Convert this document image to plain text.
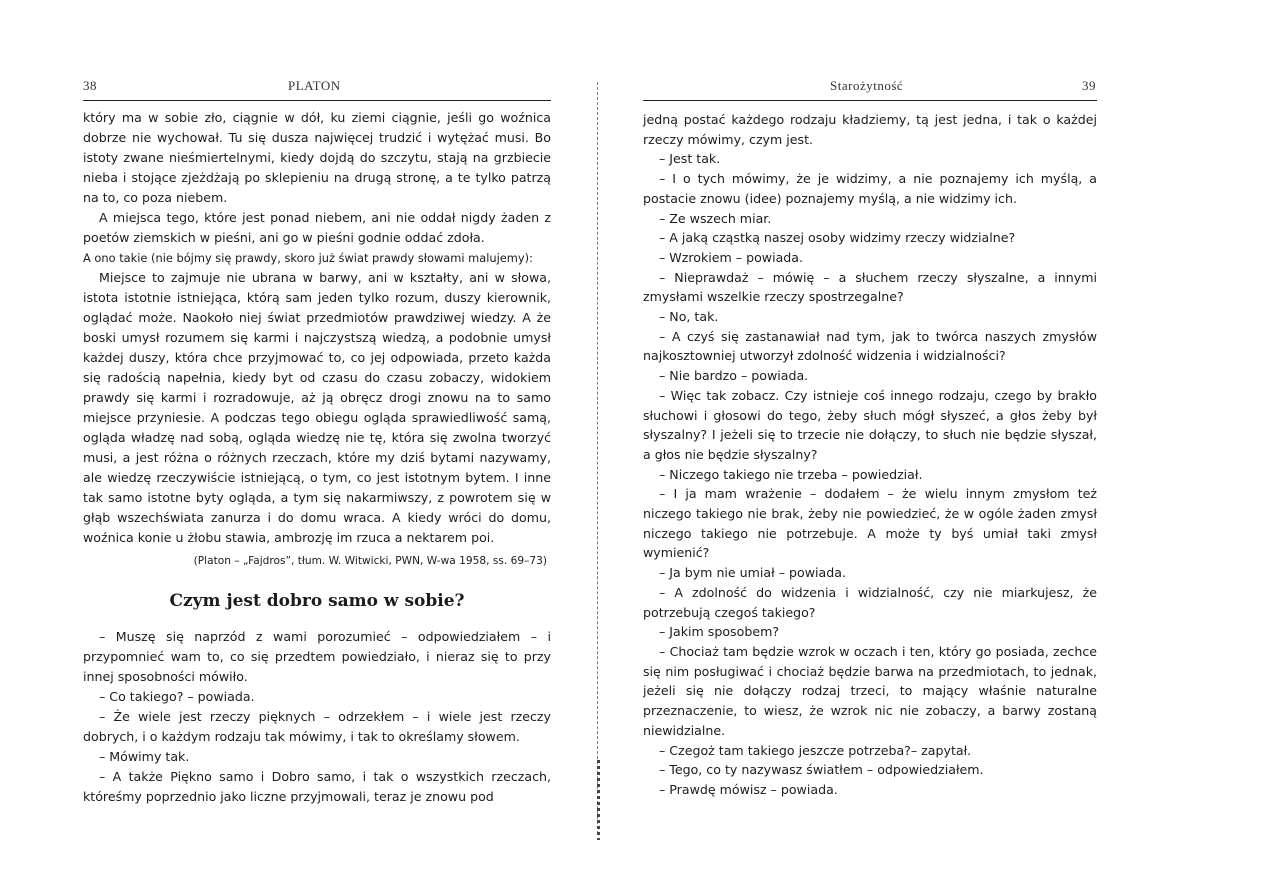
38	PLATON

który ma w sobie zło, ciągnie w dół, ku ziemi ciągnie, jeśli go woźnica dobrze nie wychował. Tu się dusza najwięcej trudzić i wytężać musi. Bo istoty zwane nieśmiertelnymi, kiedy dojdą do szczytu, stają na grzbiecie nieba i stojące zjeżdżają po sklepieniu na drugą stronę, a te tylko patrzą na to, co poza niebem.

A miejsca tego, które jest ponad niebem, ani nie oddał nigdy żaden z poetów ziemskich w pieśni, ani go w pieśni godnie oddać zdoła.

A ono takie (nie bójmy się prawdy, skoro już świat prawdy słowami malujemy):

Miejsce to zajmuje nie ubrana w barwy, ani w kształty, ani w słowa, istota istotnie istniejąca, którą sam jeden tylko rozum, duszy kierownik, oglądać może. Naokoło niej świat przedmiotów prawdziwej wiedzy. A że boski umysł rozumem się karmi i najczystszą wiedzą, a podobnie umysł każdej duszy, która chce przyjmować to, co jej odpowiada, przeto każda się radością napełnia, kiedy byt od czasu do czasu zobaczy, widokiem prawdy się karmi i rozradowuje, aż ją obręcz drogi znowu na to samo miejsce przyniesie. A podczas tego obiegu ogląda sprawiedliwość samą, ogląda władzę nad sobą, ogląda wiedzę nie tę, która się zwolna tworzyć musi, a jest różna o różnych rzeczach, które my dziś bytami nazywamy, ale wiedzę rzeczywiście istniejącą, o tym, co jest istotnym bytem. I inne tak samo istotne byty ogląda, a tym się nakarmiwszy, z powrotem się w głąb wszechświata zanurza i do domu wraca. A kiedy wróci do domu, woźnica konie u żłobu stawia, ambrozję im rzuca a nektarem poi.

(Platon – „Fajdros”, tłum. W. Witwicki, PWN, W-wa 1958, ss. 69–73)

Czym jest dobro samo w sobie?

– Muszę się naprzód z wami porozumieć – odpowiedziałem – i przypomnieć wam to, co się przedtem powiedziało, i nieraz się to przy innej sposobności mówiło.

– Co takiego? – powiada.

– Że wiele jest rzeczy pięknych – odrzekłem – i wiele jest rzeczy dobrych, i o każdym rodzaju tak mówimy, i tak to określamy słowem.

– Mówimy tak.

– A także Piękno samo i Dobro samo, i tak o wszystkich rzeczach, któreśmy poprzednio jako liczne przyjmowali, teraz je znowu pod

Starożytność	39

jedną postać każdego rodzaju kładziemy, tą jest jedna, i tak o każdej rzeczy mówimy, czym jest.

– Jest tak.

– I o tych mówimy, że je widzimy, a nie poznajemy ich myślą, a postacie znowu (idee) poznajemy myślą, a nie widzimy ich.

– Ze wszech miar.

– A jaką cząstką naszej osoby widzimy rzeczy widzialne?

– Wzrokiem – powiada.

– Nieprawdaż – mówię – a słuchem rzeczy słyszalne, a innymi zmysłami wszelkie rzeczy spostrzegalne?

– No, tak.

– A czyś się zastanawiał nad tym, jak to twórca naszych zmysłów najkosztowniej utworzył zdolność widzenia i widzialności?

– Nie bardzo – powiada.

– Więc tak zobacz. Czy istnieje coś innego rodzaju, czego by brakło słuchowi i głosowi do tego, żeby słuch mógł słyszeć, a głos żeby był słyszalny? I jeżeli się to trzecie nie dołączy, to słuch nie będzie słyszał, a głos nie będzie słyszalny?

– Niczego takiego nie trzeba – powiedział.

– I ja mam wrażenie – dodałem – że wielu innym zmysłom też niczego takiego nie brak, żeby nie powiedzieć, że w ogóle żaden zmysł niczego takiego nie potrzebuje. A może ty byś umiał taki zmysł wymienić?

– Ja bym nie umiał – powiada.

– A zdolność do widzenia i widzialność, czy nie miarkujesz, że potrzebują czegoś takiego?

– Jakim sposobem?

– Chociaż tam będzie wzrok w oczach i ten, który go posiada, zechce się nim posługiwać i chociaż będzie barwa na przedmiotach, to jednak, jeżeli się nie dołączy rodzaj trzeci, to mający właśnie naturalne przeznaczenie, to wiesz, że wzrok nic nie zobaczy, a barwy zostaną niewidzialne.

– Czegoż tam takiego jeszcze potrzeba?– zapytał.

– Tego, co ty nazywasz światłem – odpowiedziałem.

– Prawdę mówisz – powiada.
